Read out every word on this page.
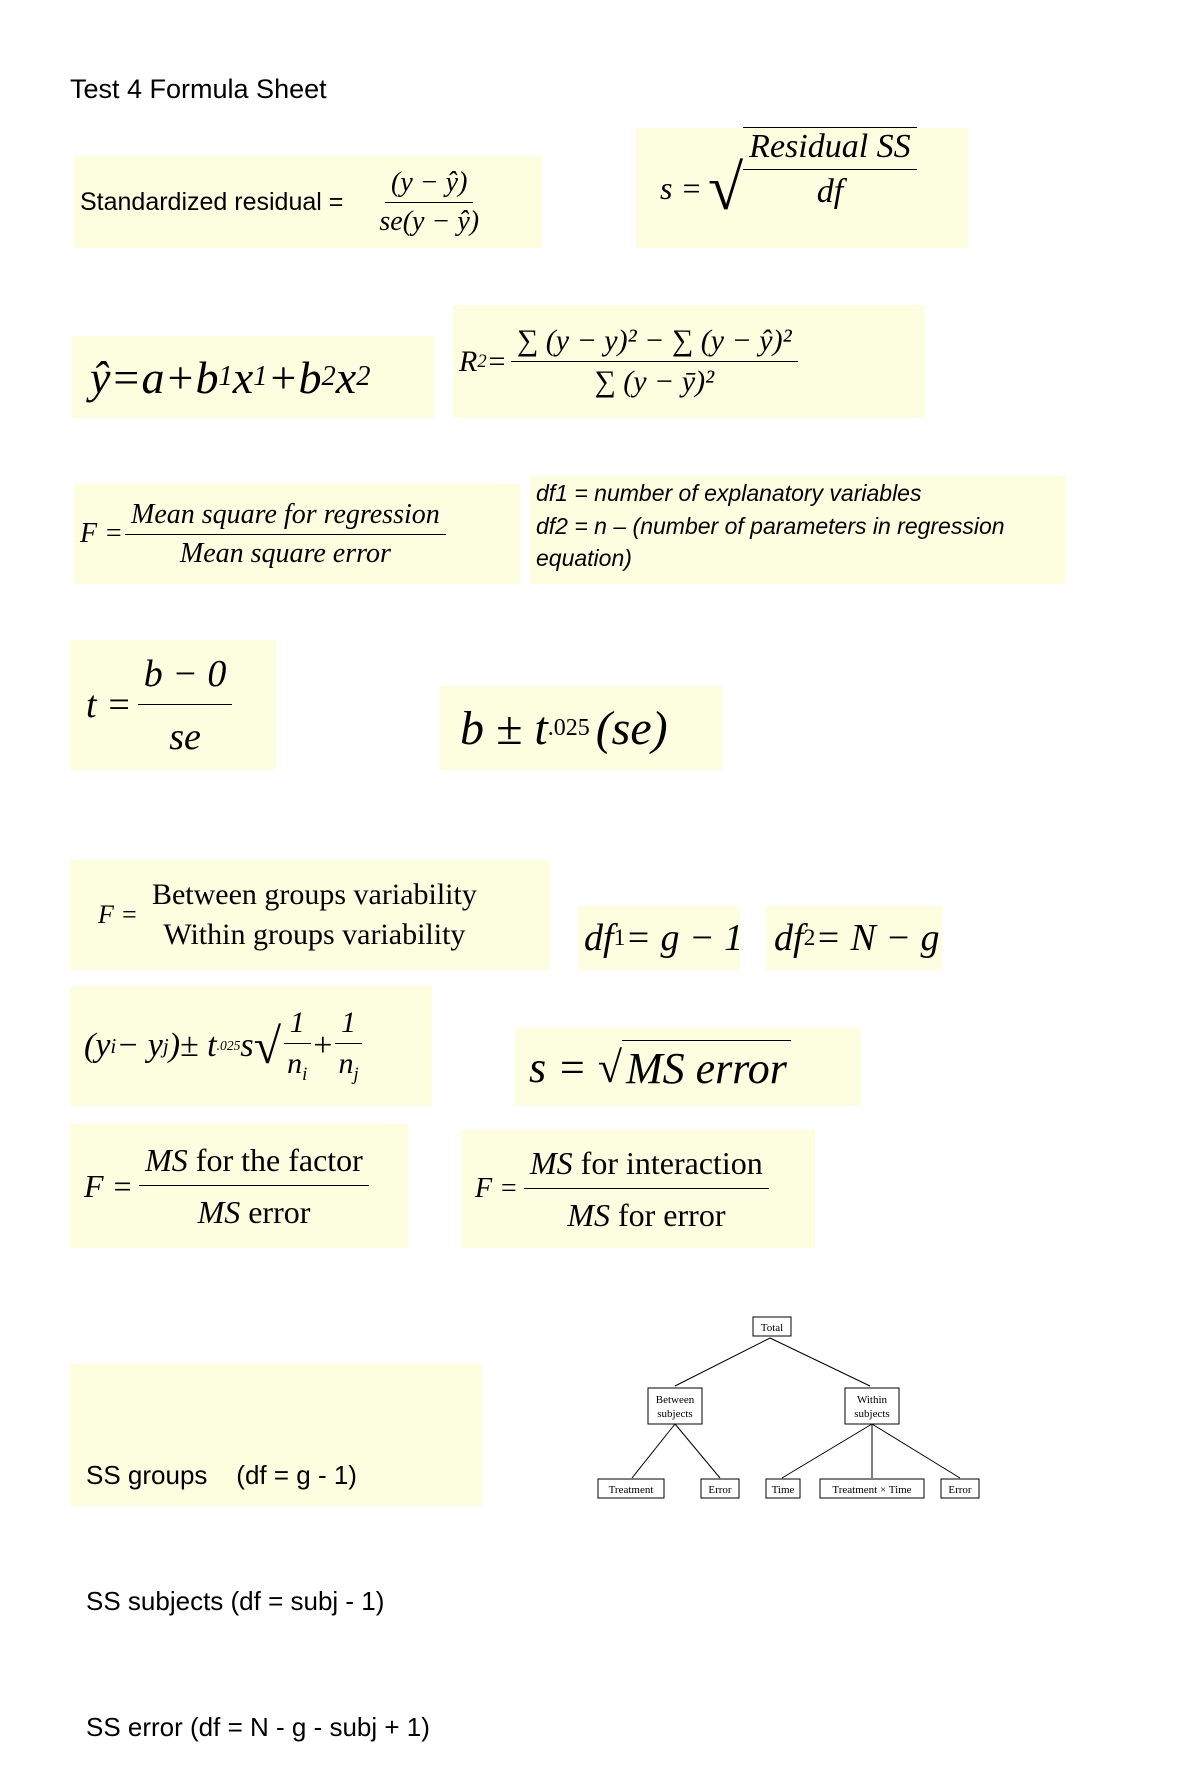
Test 4 Formula Sheet
Standardized residual = $\frac{(y - ŷ)}{se(y - ŷ)}$	s = √ $\frac{\text{Residual SS}}{df}$
ŷ=a+b 1 x 1 +b 2 x 2	R $2 = \frac{\text{∑ (y − y)² − ∑ (y − ŷ)²}}{\text{∑ (y − ȳ)²}}$
$F = \frac{\text{Mean square for regression}}{\text{Mean square error}}$
df1 = number of explanatory variables
df2 = n – (number of parameters in regression equation)
$t = \frac{b - 0}{se}$	b ± t .025 (se)
F =
Between groups variability
Within groups variability	df 1 = g − 1 df 2 = N − g
(y i − y j )± t .025 s √ $\frac{1}{n_i} + \frac{1}{n_j}$	s = √ MS error
$F = \frac{\text{MS for the factor}}{\text{MS error}}$	$F = \frac{\text{MS for interaction}}{\text{MS for error}}$

SS groups    (df = g - 1)

SS subjects (df = subj - 1)

SS error (df = N - g - subj + 1)

Total
Between
subjects
Within
subjects
Treatment	Error	Time	Treatment × Time	Error
